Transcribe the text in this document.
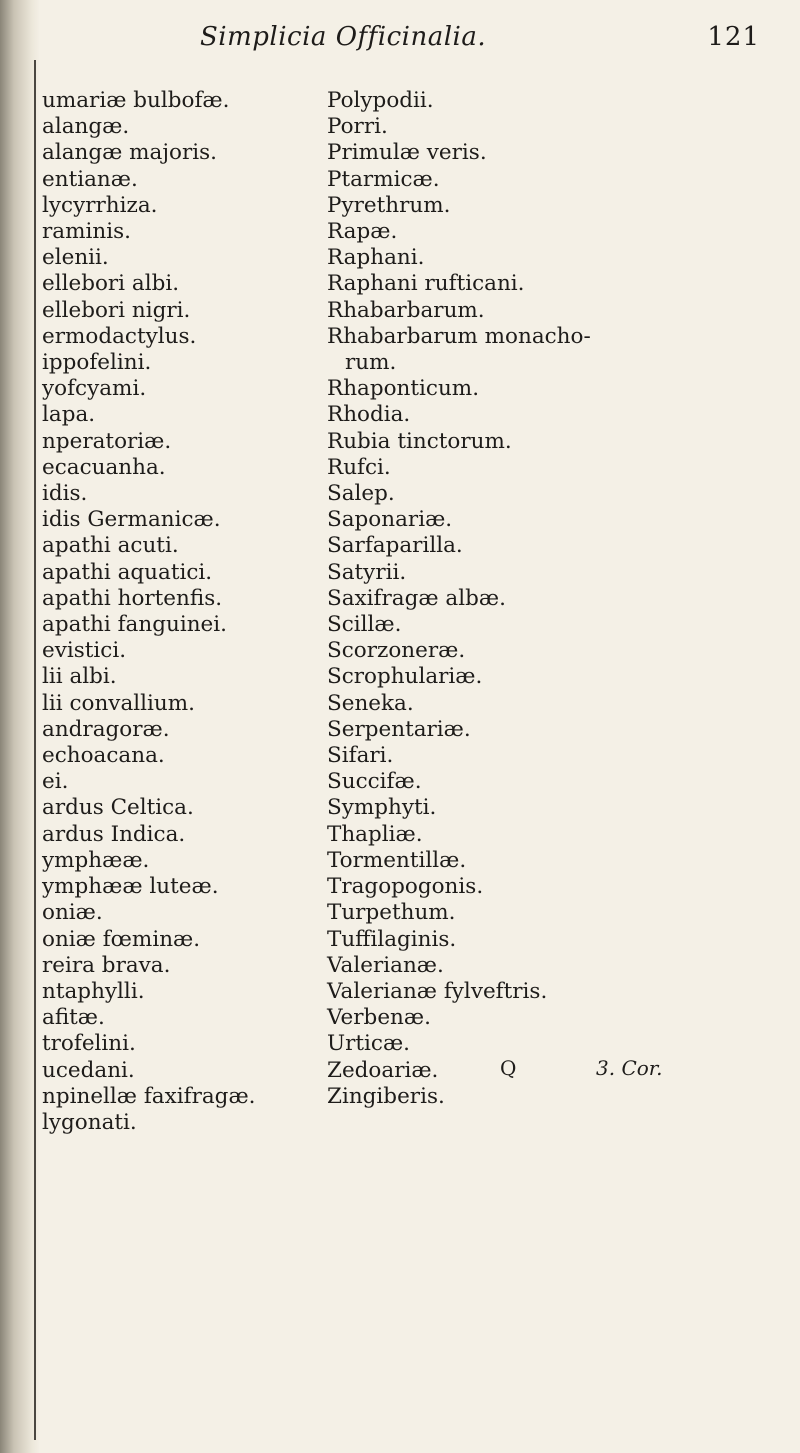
Simplicia Officinalia.	121
umariæ bulbofæ.
alangæ.
alangæ majoris.
entianæ.
lycyrrhiza.
raminis.
elenii.
ellebori albi.
ellebori nigri.
ermodactylus.
ippofelini.
yofcyami.
lapa.
nperatoriæ.
ecacuanha.
idis.
idis Germanicæ.
apathi acuti.
apathi aquatici.
apathi hortenfis.
apathi fanguinei.
evistici.
lii albi.
lii convallium.
andragoræ.
echoacana.
ei.
ardus Celtica.
ardus Indica.
ymphææ.
ymphææ luteæ.
oniæ.
oniæ fœminæ.
reira brava.
ntaphylli.
afitæ.
trofelini.
ucedani.
npinellæ faxifragæ.
lygonati.
Polypodii.
Porri.
Primulæ veris.
Ptarmicæ.
Pyrethrum.
Rapæ.
Raphani.
Raphani rufticani.
Rhabarbarum.
Rhabarbarum monacho-
rum.
Rhaponticum.
Rhodia.
Rubia tinctorum.
Rufci.
Salep.
Saponariæ.
Sarfaparilla.
Satyrii.
Saxifragæ albæ.
Scillæ.
Scorzoneræ.
Scrophulariæ.
Seneka.
Serpentariæ.
Sifari.
Succifæ.
Symphyti.
Thapliæ.
Tormentillæ.
Tragopogonis.
Turpethum.
Tuffilaginis.
Valerianæ.
Valerianæ fylveftris.
Verbenæ.
Urticæ.
Zedoariæ.
Zingiberis.
Q	3. Cor.
